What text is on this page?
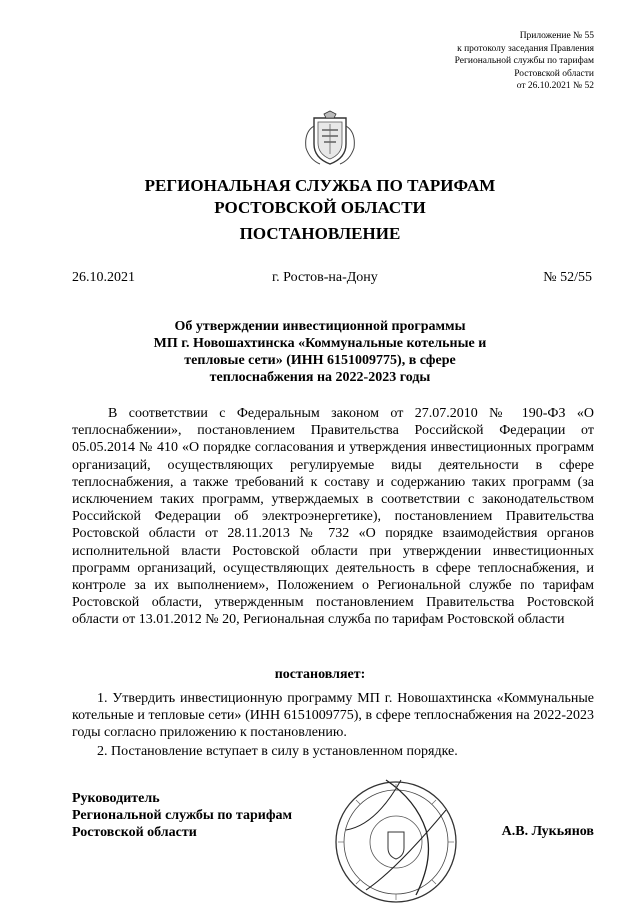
Приложение № 55
к протоколу заседания Правления
Региональной службы по тарифам
Ростовской области
от 26.10.2021 № 52
РЕГИОНАЛЬНАЯ СЛУЖБА ПО ТАРИФАМ
РОСТОВСКОЙ ОБЛАСТИ
ПОСТАНОВЛЕНИЕ
26.10.2021	г. Ростов-на-Дону	№ 52/55
Об утверждении инвестиционной программы
МП г. Новошахтинска «Коммунальные котельные и
тепловые сети» (ИНН 6151009775), в сфере
теплоснабжения на 2022-2023 годы
В соответствии с Федеральным законом от 27.07.2010 № 190-ФЗ «О теплоснабжении», постановлением Правительства Российской Федерации от 05.05.2014 № 410 «О порядке согласования и утверждения инвестиционных программ организаций, осуществляющих регулируемые виды деятельности в сфере теплоснабжения, а также требований к составу и содержанию таких программ (за исключением таких программ, утверждаемых в соответствии с законодательством Российской Федерации об электроэнергетике), постановлением Правительства Ростовской области от 28.11.2013 № 732 «О порядке взаимодействия органов исполнительной власти Ростовской области при утверждении инвестиционных программ организаций, осуществляющих деятельность в сфере теплоснабжения, и контроле за их выполнением», Положением о Региональной службе по тарифам Ростовской области, утвержденным постановлением Правительства Ростовской области от 13.01.2012 № 20, Региональная служба по тарифам Ростовской области
постановляет:
1. Утвердить инвестиционную программу МП г. Новошахтинска «Коммунальные котельные и тепловые сети» (ИНН 6151009775), в сфере теплоснабжения на 2022-2023 годы согласно приложению к постановлению.
2. Постановление вступает в силу в установленном порядке.
Руководитель
Региональной службы по тарифам
Ростовской области	А.В. Лукьянов
